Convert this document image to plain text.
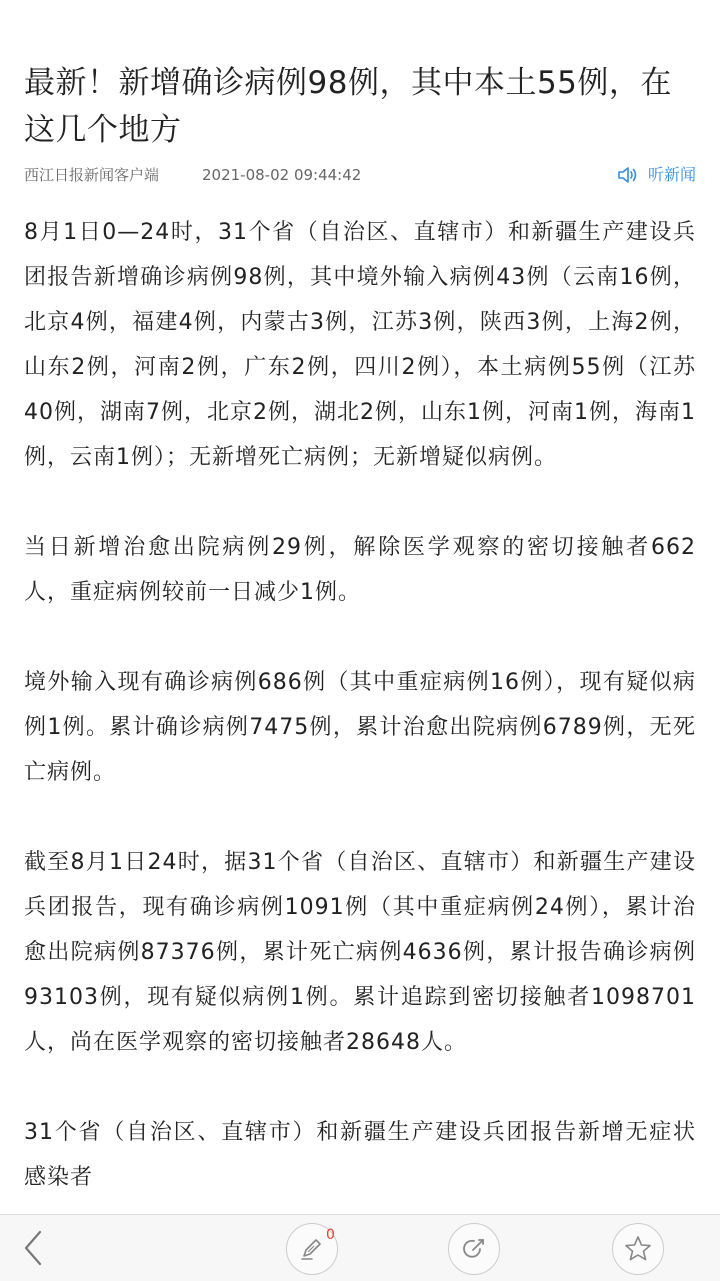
最新！新增确诊病例98例，其中本土55例，在这几个地方
西江日报新闻客户端	2021-08-02 09:44:42	听新闻

8月1日0—24时，31个省（自治区、直辖市）和新疆生产建设兵团报告新增确诊病例98例，其中境外输入病例43例（云南16例，北京4例，福建4例，内蒙古3例，江苏3例，陕西3例，上海2例，山东2例，河南2例，广东2例，四川2例），本土病例55例（江苏40例，湖南7例，北京2例，湖北2例，山东1例，河南1例，海南1例，云南1例）；无新增死亡病例；无新增疑似病例。

当日新增治愈出院病例29例，解除医学观察的密切接触者662人，重症病例较前一日减少1例。

境外输入现有确诊病例686例（其中重症病例16例），现有疑似病例1例。累计确诊病例7475例，累计治愈出院病例6789例，无死亡病例。

截至8月1日24时，据31个省（自治区、直辖市）和新疆生产建设兵团报告，现有确诊病例1091例（其中重症病例24例），累计治愈出院病例87376例，累计死亡病例4636例，累计报告确诊病例93103例，现有疑似病例1例。累计追踪到密切接触者1098701人，尚在医学观察的密切接触者28648人。

31个省（自治区、直辖市）和新疆生产建设兵团报告新增无症状感染者

0
